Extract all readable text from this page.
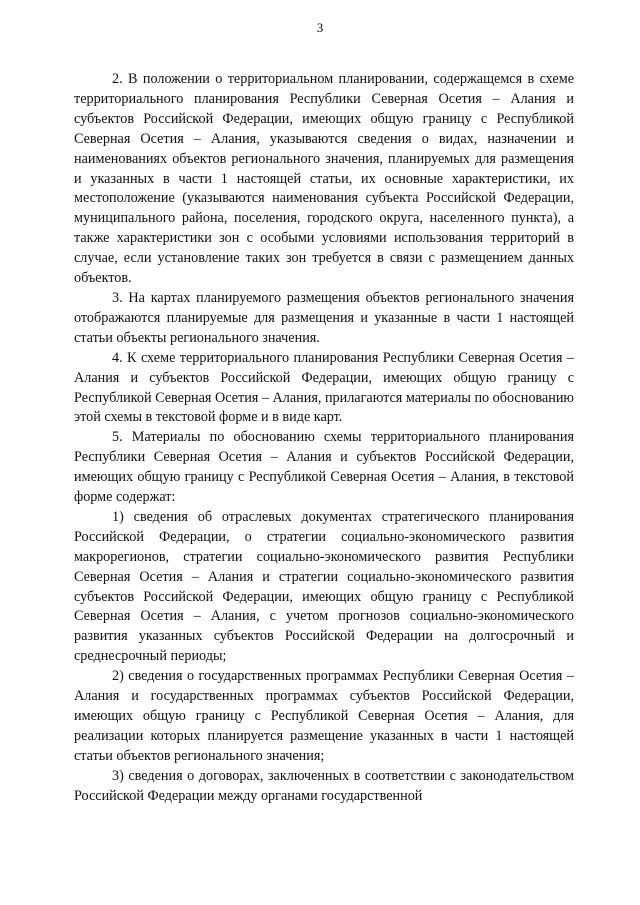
3

2. В положении о территориальном планировании, содержащемся в схеме территориального планирования Республики Северная Осетия – Алания и субъектов Российской Федерации, имеющих общую границу с Республикой Северная Осетия – Алания, указываются сведения о видах, назначении и наименованиях объектов регионального значения, планируемых для размещения и указанных в части 1 настоящей статьи, их основные характеристики, их местоположение (указываются наименования субъекта Российской Федерации, муниципального района, поселения, городского округа, населенного пункта), а также характеристики зон с особыми условиями использования территорий в случае, если установление таких зон требуется в связи с размещением данных объектов.

3. На картах планируемого размещения объектов регионального значения отображаются планируемые для размещения и указанные в части 1 настоящей статьи объекты регионального значения.

4. К схеме территориального планирования Республики Северная Осетия – Алания и субъектов Российской Федерации, имеющих общую границу с Республикой Северная Осетия – Алания, прилагаются материалы по обоснованию этой схемы в текстовой форме и в виде карт.

5. Материалы по обоснованию схемы территориального планирования Республики Северная Осетия – Алания и субъектов Российской Федерации, имеющих общую границу с Республикой Северная Осетия – Алания, в текстовой форме содержат:

1) сведения об отраслевых документах стратегического планирования Российской Федерации, о стратегии социально-экономического развития макрорегионов, стратегии социально-экономического развития Республики Северная Осетия – Алания и стратегии социально-экономического развития субъектов Российской Федерации, имеющих общую границу с Республикой Северная Осетия – Алания, с учетом прогнозов социально-экономического развития указанных субъектов Российской Федерации на долгосрочный и среднесрочный периоды;

2) сведения о государственных программах Республики Северная Осетия – Алания и государственных программах субъектов Российской Федерации, имеющих общую границу с Республикой Северная Осетия – Алания, для реализации которых планируется размещение указанных в части 1 настоящей статьи объектов регионального значения;

3) сведения о договорах, заключенных в соответствии с законодательством Российской Федерации между органами государственной
